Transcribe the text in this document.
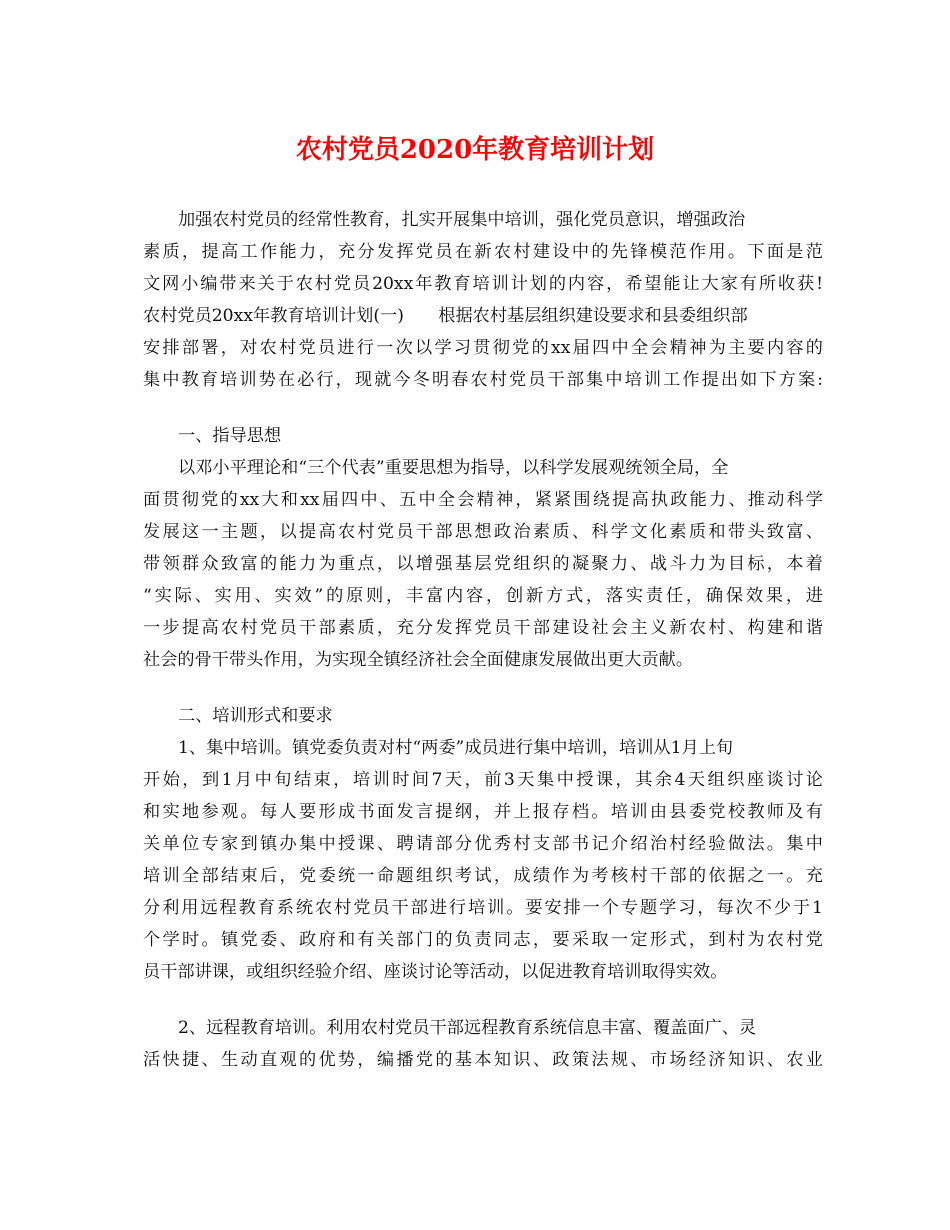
农村党员2020年教育培训计划

加强农村党员的经常性教育，扎实开展集中培训，强化党员意识，增强政治

素质，提高工作能力，充分发挥党员在新农村建设中的先锋模范作用。下面是范

文网小编带来关于农村党员20xx年教育培训计划的内容，希望能让大家有所收获!

农村党员20xx年教育培训计划(一)　　根据农村基层组织建设要求和县委组织部

安排部署，对农村党员进行一次以学习贯彻党的xx届四中全会精神为主要内容的

集中教育培训势在必行，现就今冬明春农村党员干部集中培训工作提出如下方案:

一、指导思想

以邓小平理论和“三个代表”重要思想为指导，以科学发展观统领全局，全

面贯彻党的xx大和xx届四中、五中全会精神，紧紧围绕提高执政能力、推动科学

发展这一主题，以提高农村党员干部思想政治素质、科学文化素质和带头致富、

带领群众致富的能力为重点，以增强基层党组织的凝聚力、战斗力为目标，本着

“实际、实用、实效”的原则，丰富内容，创新方式，落实责任，确保效果，进

一步提高农村党员干部素质，充分发挥党员干部建设社会主义新农村、构建和谐

社会的骨干带头作用，为实现全镇经济社会全面健康发展做出更大贡献。

二、培训形式和要求

1、集中培训。镇党委负责对村“两委”成员进行集中培训，培训从1月上旬

开始，到1月中旬结束，培训时间7天，前3天集中授课，其余4天组织座谈讨论

和实地参观。每人要形成书面发言提纲，并上报存档。培训由县委党校教师及有

关单位专家到镇办集中授课、聘请部分优秀村支部书记介绍治村经验做法。集中

培训全部结束后，党委统一命题组织考试，成绩作为考核村干部的依据之一。充

分利用远程教育系统农村党员干部进行培训。要安排一个专题学习，每次不少于1

个学时。镇党委、政府和有关部门的负责同志，要采取一定形式，到村为农村党

员干部讲课，或组织经验介绍、座谈讨论等活动，以促进教育培训取得实效。

2、远程教育培训。利用农村党员干部远程教育系统信息丰富、覆盖面广、灵

活快捷、生动直观的优势，编播党的基本知识、政策法规、市场经济知识、农业
